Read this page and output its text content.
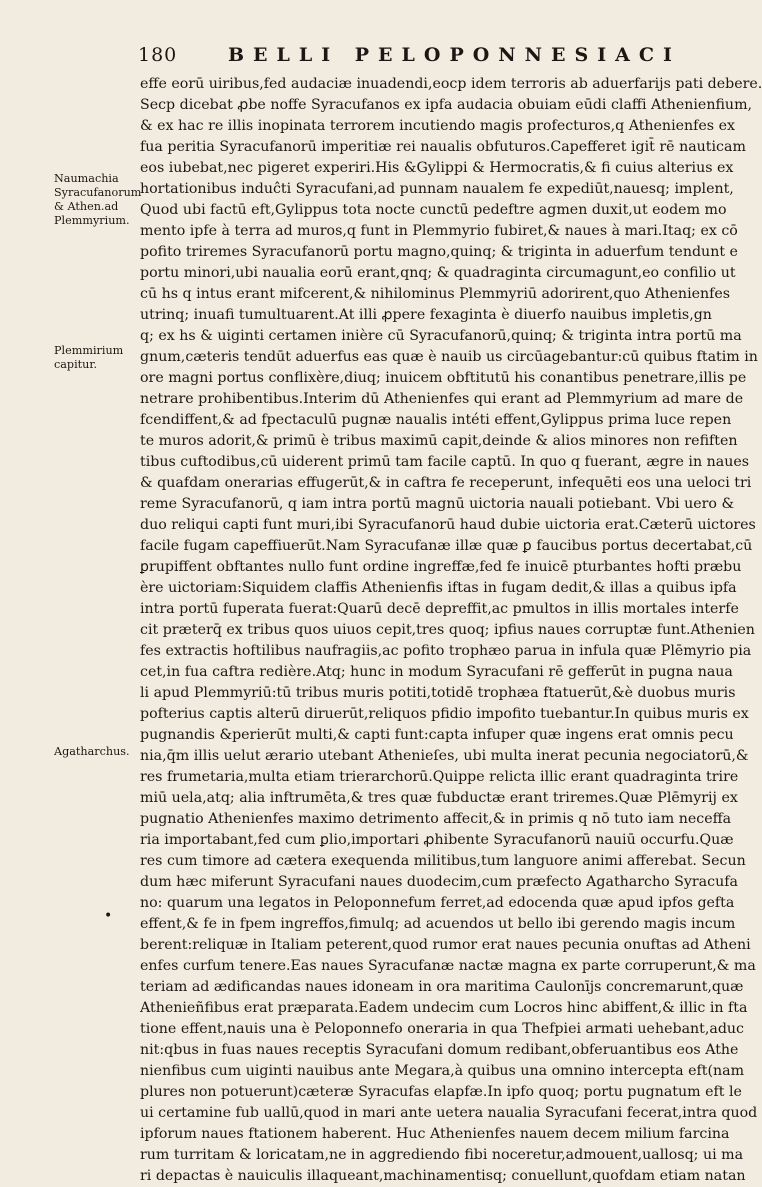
180	BELLI PELOPONNESIACI
effe eorū uiribus,fed audaciæ inuadendi,eocp idem terroris ab aduerfarijs pati debere.
Secp dicebat ꝓbe noffe Syracufanos ex ipfa audacia obuiam eūdi claffi Athenienfium,
& ex hac re illis inopinata terrorem incutiendo magis profecturos,q Athenienfes ex
fua peritia Syracufanorū imperitiæ rei naualis obfuturos.Capefferet igit̄ rē nauticam
eos iubebat,nec pigeret experiri.His &Gylippi & Hermocratis,& fi cuius alterius ex
hortationibus induĉti Syracufani,ad punnam naualem fe expediūt,nauesq; implent,
Quod ubi factū eft,Gylippus tota nocte cunctū pedeftre agmen duxit,ut eodem mo
mento ipfe à terra ad muros,q funt in Plemmyrio fubiret,& naues à mari.Itaq; ex cō
pofito triremes Syracufanorū portu magno,quinq; & triginta in aduerfum tendunt e
portu minori,ubi naualia eorū erant,qnq; & quadraginta circumagunt,eo confilio ut
cū hs q intus erant mifcerent,& nihilominus Plemmyriū adorirent,quo Athenienfes
utrinq; inuafi tumultuarent.At illi ꝓpere fexaginta è diuerfo nauibus impletis,gn
q; ex hs & uiginti certamen inière cū Syracufanorū,quinq; & triginta intra portū ma
gnum,cæteris tendūt aduerfus eas quæ è nauib us circūagebantur:cū quibus ftatim in
ore magni portus conflixère,diuq; inuicem obftitutū his conantibus penetrare,illis pe
netrare prohibentibus.Interim dū Athenienfes qui erant ad Plemmyrium ad mare de
fcendiffent,& ad fpectaculū pugnæ naualis intéti effent,Gylippus prima luce repen
te muros adorit,& primū è tribus maximū capit,deinde & alios minores non refiften
tibus cuftodibus,cū uiderent primū tam facile captū. In quo q fuerant, ægre in naues
& quafdam onerarias effugerūt,& in caftra fe receperunt, infequēti eos una ueloci tri
reme Syracufanorū, q iam intra portū magnū uictoria nauali potiebant. Vbi uero &
duo reliqui capti funt muri,ibi Syracufanorū haud dubie uictoria erat.Cæterū uictores
facile fugam capeffiuerūt.Nam Syracufanæ illæ quæ ꝑ faucibus portus decertabat,cū
ꝑrupiffent obftantes nullo funt ordine ingreffæ,fed fe inuicē pturbantes hofti præbu
ère uictoriam:Siquidem claffis Athenienfis iftas in fugam dedit,& illas a quibus ipfa
intra portū fuperata fuerat:Quarū decē depreffit,ac pmultos in illis mortales interfe
cit præterq̄ ex tribus quos uiuos cepit,tres quoq; ipfius naues corruptæ funt.Athenien
fes extractis hoftilibus naufragiis,ac pofito trophæo parua in infula quæ Plēmyrio pia
cet,in fua caftra redière.Atq; hunc in modum Syracufani rē gefferūt in pugna naua
li apud Plemmyriū:tū tribus muris potiti,totidē trophæa ftatuerūt,&è duobus muris
pofterius captis alterū diruerūt,reliquos pfidio impofito tuebantur.In quibus muris ex
pugnandis &perierūt multi,& capti funt:capta infuper quæ ingens erat omnis pecu
nia,q̄m illis uelut ærario utebant Athenieſes, ubi multa inerat pecunia negociatorū,&
res frumetaria,multa etiam trierarchorū.Quippe relicta illic erant quadraginta trire
miū uela,atq; alia inftrumēta,& tres quæ fubductæ erant triremes.Quæ Plēmyrij ex
pugnatio Athenienfes maximo detrimento affecit,& in primis q nō tuto iam neceffa
ria importabant,fed cum ꝑlio,importari ꝓhibente Syracufanorū nauiū occurfu.Quæ
res cum timore ad cætera exequenda militibus,tum languore animi afferebat. Secun
dum hæc miferunt Syracufani naues duodecim,cum præfecto Agatharcho Syracufa
no: quarum una legatos in Peloponnefum ferret,ad edocenda quæ apud ipfos gefta
effent,& fe in fpem ingreffos,fimulq; ad acuendos ut bello ibi gerendo magis incum
berent:reliquæ in Italiam peterent,quod rumor erat naues pecunia onuftas ad Atheni
enfes curfum tenere.Eas naues Syracufanæ nactæ magna ex parte corruperunt,& ma
teriam ad ædificandas naues idoneam in ora maritima Caulonījs concremarunt,quæ
Athenieñfibus erat præparata.Eadem undecim cum Locros hinc abiffent,& illic in fta
tione effent,nauis una è Peloponnefo oneraria in qua Thefpiei armati uehebant,aduc
nit:qbus in fuas naues receptis Syracufani domum redibant,obferuantibus eos Athe
nienfibus cum uiginti nauibus ante Megara,à quibus una omnino intercepta eft(nam
plures non potuerunt)cæteræ Syracufas elapfæ.In ipfo quoq; portu pugnatum eft le
ui certamine fub uallū,quod in mari ante uetera naualia Syracufani fecerat,intra quod
ipforum naues ftationem haberent. Huc Athenienfes nauem decem milium farcina
rum turritam & loricatam,ne in aggrediendo fibi noceretur,admouent,uallosq; ui ma
ri depactas è nauiculis illaqueant,machinamentisq; conuellunt,quofdam etiam natan
Naumachia
Syracufanorum
& Athen.ad
Plemmyrium.
Plemmirium
capitur.
Agatharchus.
•
